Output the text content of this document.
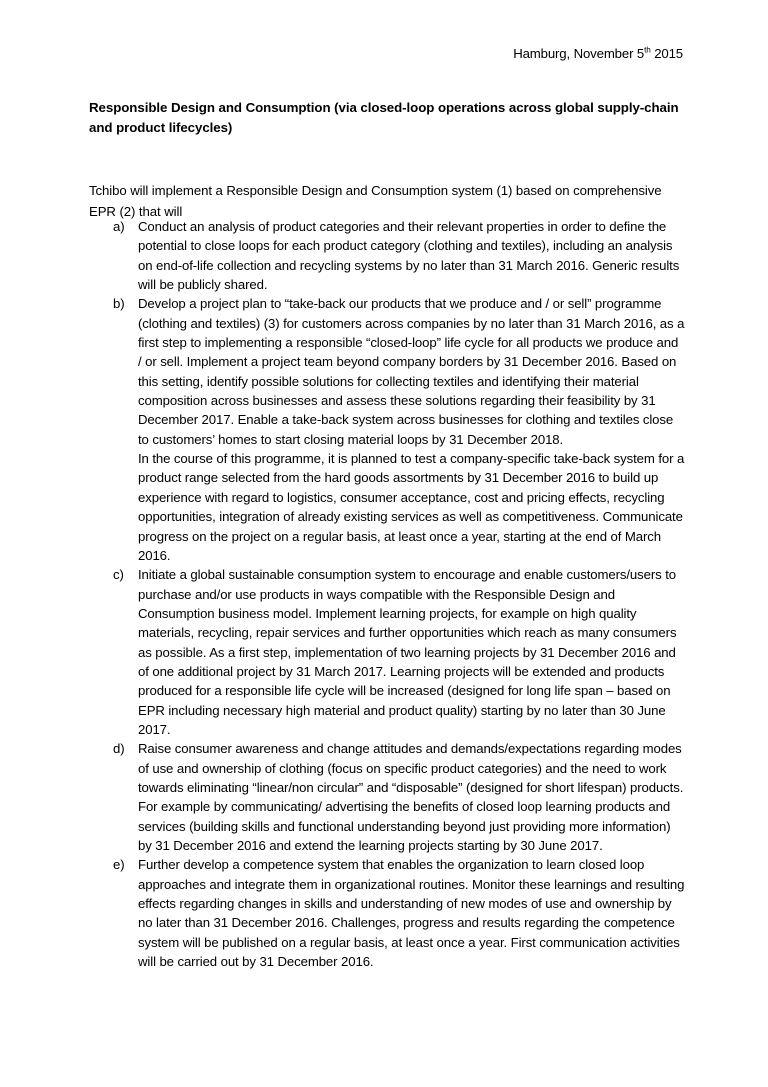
Hamburg, November 5th 2015
Responsible Design and Consumption (via closed-loop operations across global supply-chain and product lifecycles)

Tchibo will implement a Responsible Design and Consumption system (1) based on comprehensive EPR (2) that will

a)	Conduct an analysis of product categories and their relevant properties in order to define the potential to close loops for each product category (clothing and textiles), including an analysis on end-of-life collection and recycling systems by no later than 31 March 2016. Generic results will be publicly shared.

b)	Develop a project plan to “take-back our products that we produce and / or sell” programme (clothing and textiles) (3) for customers across companies by no later than 31 March 2016, as a first step to implementing a responsible “closed-loop” life cycle for all products we produce and / or sell. Implement a project team beyond company borders by 31 December 2016. Based on this setting, identify possible solutions for collecting textiles and identifying their material composition across businesses and assess these solutions regarding their feasibility by 31 December 2017. Enable a take-back system across businesses for clothing and textiles close to customers’ homes to start closing material loops by 31 December 2018.

In the course of this programme, it is planned to test a company-specific take-back system for a product range selected from the hard goods assortments by 31 December 2016 to build up experience with regard to logistics, consumer acceptance, cost and pricing effects, recycling opportunities, integration of already existing services as well as competitiveness. Communicate progress on the project on a regular basis, at least once a year, starting at the end of March 2016.

c)	Initiate a global sustainable consumption system to encourage and enable customers/users to purchase and/or use products in ways compatible with the Responsible Design and Consumption business model. Implement learning projects, for example on high quality materials, recycling, repair services and further opportunities which reach as many consumers as possible. As a first step, implementation of two learning projects by 31 December 2016 and of one additional project by 31 March 2017. Learning projects will be extended and products produced for a responsible life cycle will be increased (designed for long life span – based on EPR including necessary high material and product quality) starting by no later than 30 June 2017.

d)	Raise consumer awareness and change attitudes and demands/expectations regarding modes of use and ownership of clothing (focus on specific product categories) and the need to work towards eliminating “linear/non circular” and “disposable” (designed for short lifespan) products. For example by communicating/ advertising the benefits of closed loop learning products and services (building skills and functional understanding beyond just providing more information) by 31 December 2016 and extend the learning projects starting by 30 June 2017.

e)	Further develop a competence system that enables the organization to learn closed loop approaches and integrate them in organizational routines. Monitor these learnings and resulting effects regarding changes in skills and understanding of new modes of use and ownership by no later than 31 December 2016. Challenges, progress and results regarding the competence system will be published on a regular basis, at least once a year. First communication activities will be carried out by 31 December 2016.
